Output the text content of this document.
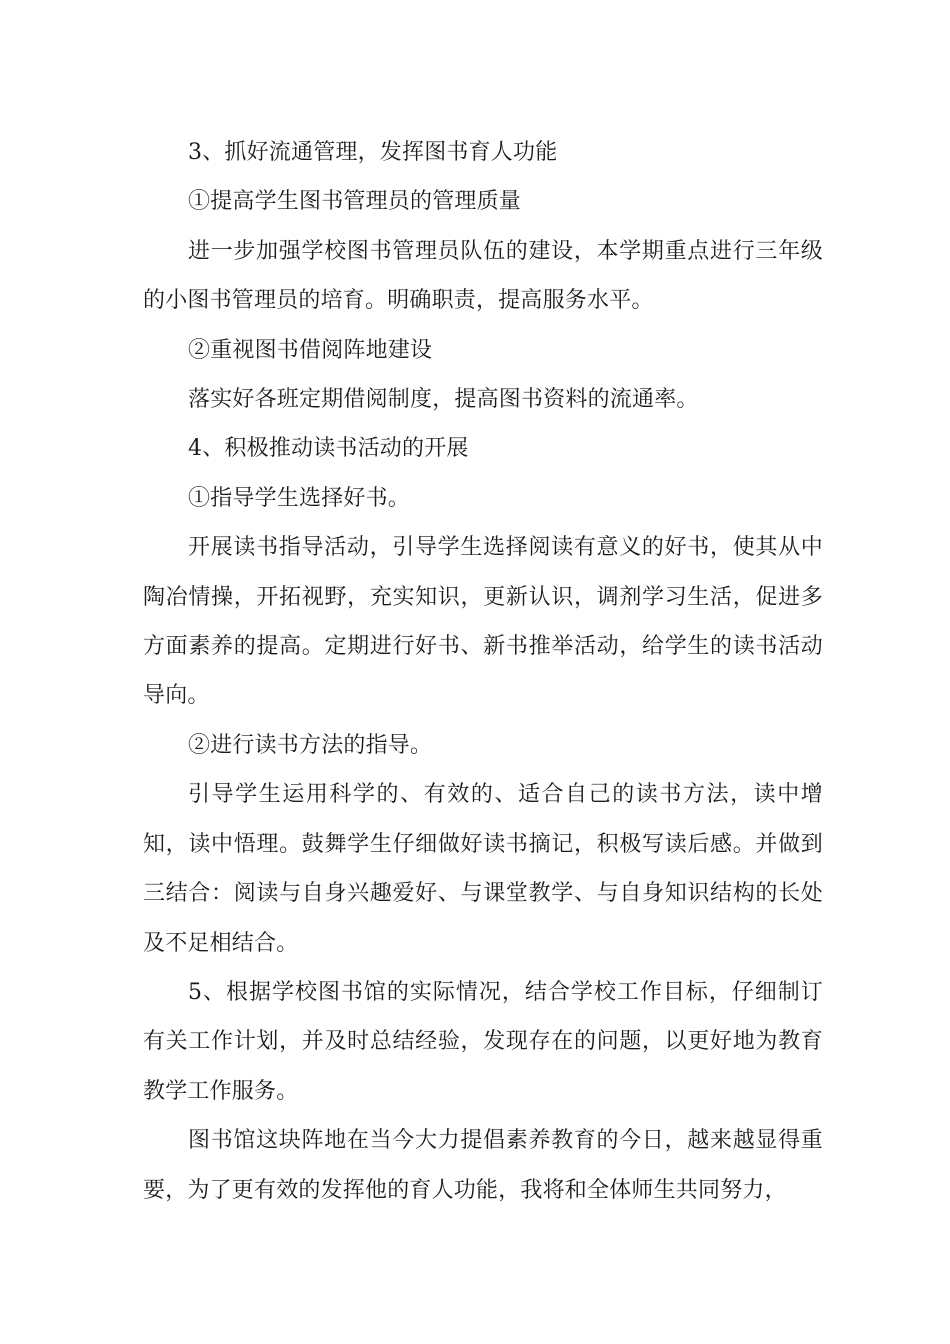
3、抓好流通管理，发挥图书育人功能

①提高学生图书管理员的管理质量

进一步加强学校图书管理员队伍的建设，本学期重点进行三年级的小图书管理员的培育。明确职责，提高服务水平。

②重视图书借阅阵地建设

落实好各班定期借阅制度，提高图书资料的流通率。

4、积极推动读书活动的开展

①指导学生选择好书。

开展读书指导活动，引导学生选择阅读有意义的好书，使其从中陶冶情操，开拓视野，充实知识，更新认识，调剂学习生活，促进多方面素养的提高。定期进行好书、新书推举活动，给学生的读书活动导向。

②进行读书方法的指导。

引导学生运用科学的、有效的、适合自己的读书方法，读中增知，读中悟理。鼓舞学生仔细做好读书摘记，积极写读后感。并做到三结合：阅读与自身兴趣爱好、与课堂教学、与自身知识结构的长处及不足相结合。

5、根据学校图书馆的实际情况，结合学校工作目标，仔细制订有关工作计划，并及时总结经验，发现存在的问题，以更好地为教育教学工作服务。

图书馆这块阵地在当今大力提倡素养教育的今日，越来越显得重要，为了更有效的发挥他的育人功能，我将和全体师生共同努力，
